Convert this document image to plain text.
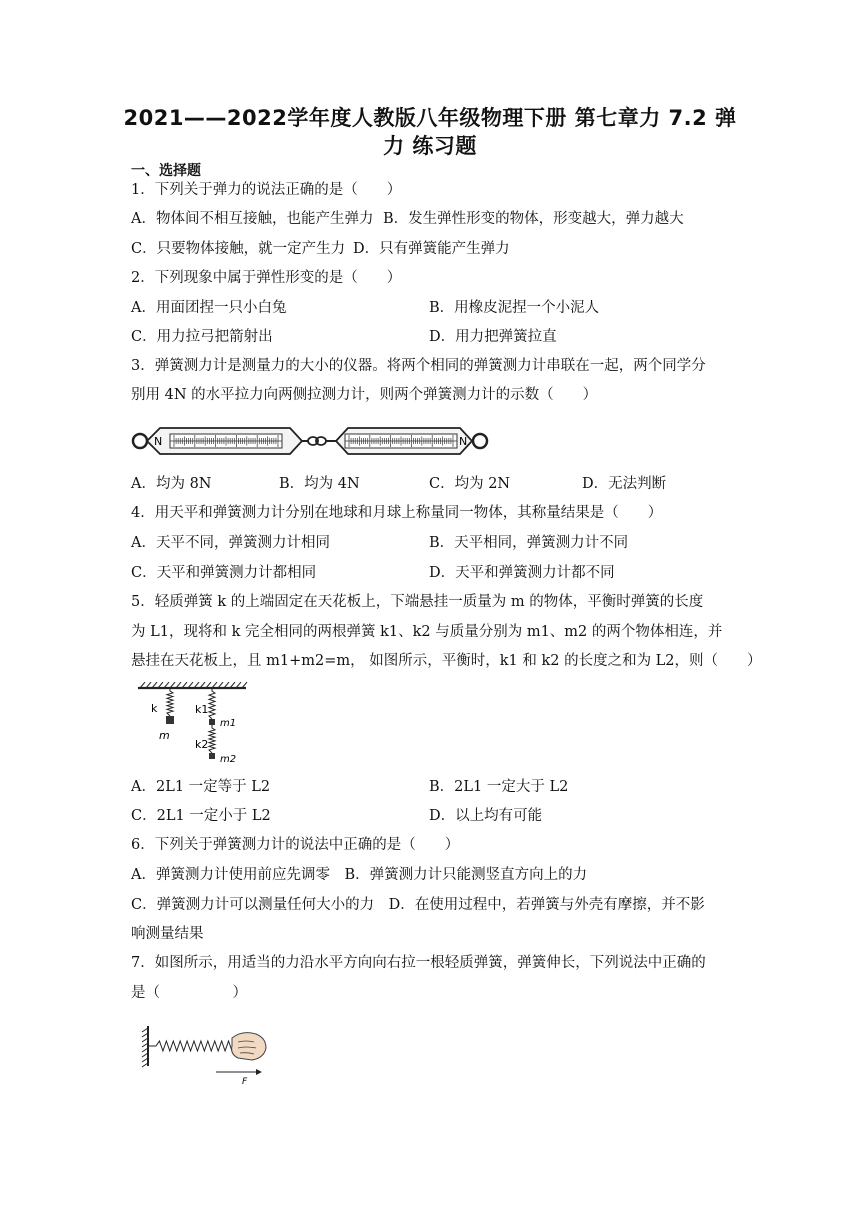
2021——2022学年度人教版八年级物理下册 第七章力 7.2 弹
力 练习题
一、选择题
1．下列关于弹力的说法正确的是（　　）
A．物体间不相互接触，也能产生弹力 B．发生弹性形变的物体，形变越大，弹力越大
C．只要物体接触，就一定产生力 D．只有弹簧能产生弹力
2．下列现象中属于弹性形变的是（　　）
A．用面团捏一只小白兔	B．用橡皮泥捏一个小泥人
C．用力拉弓把箭射出	D．用力把弹簧拉直
3．弹簧测力计是测量力的大小的仪器。将两个相同的弹簧测力计串联在一起，两个同学分
别用 4N 的水平拉力向两侧拉测力计，则两个弹簧测力计的示数（　　）
N	N
A．均为 8N	B．均为 4N	C．均为 2N	D．无法判断
4．用天平和弹簧测力计分别在地球和月球上称量同一物体，其称量结果是（　　）
A．天平不同，弹簧测力计相同	B．天平相同，弹簧测力计不同
C．天平和弹簧测力计都相同	D．天平和弹簧测力计都不同
5．轻质弹簧 k 的上端固定在天花板上，下端悬挂一质量为 m 的物体，平衡时弹簧的长度
为 L1，现将和 k 完全相同的两根弹簧 k1、k2 与质量分别为 m1、m2 的两个物体相连，并
悬挂在天花板上，且 m1+m2=m， 如图所示，平衡时，k1 和 k2 的长度之和为 L2，则（　　）
k
m
k1
m1
k2
m2
A．2L1 一定等于 L2	B．2L1 一定大于 L2
C．2L1 一定小于 L2	D．以上均有可能
6．下列关于弹簧测力计的说法中正确的是（　　）
A．弹簧测力计使用前应先调零　B．弹簧测力计只能测竖直方向上的力
C．弹簧测力计可以测量任何大小的力　D．在使用过程中，若弹簧与外壳有摩擦，并不影
响测量结果
7．如图所示，用适当的力沿水平方向向右拉一根轻质弹簧，弹簧伸长，下列说法中正确的
是（　　　　　）
F
